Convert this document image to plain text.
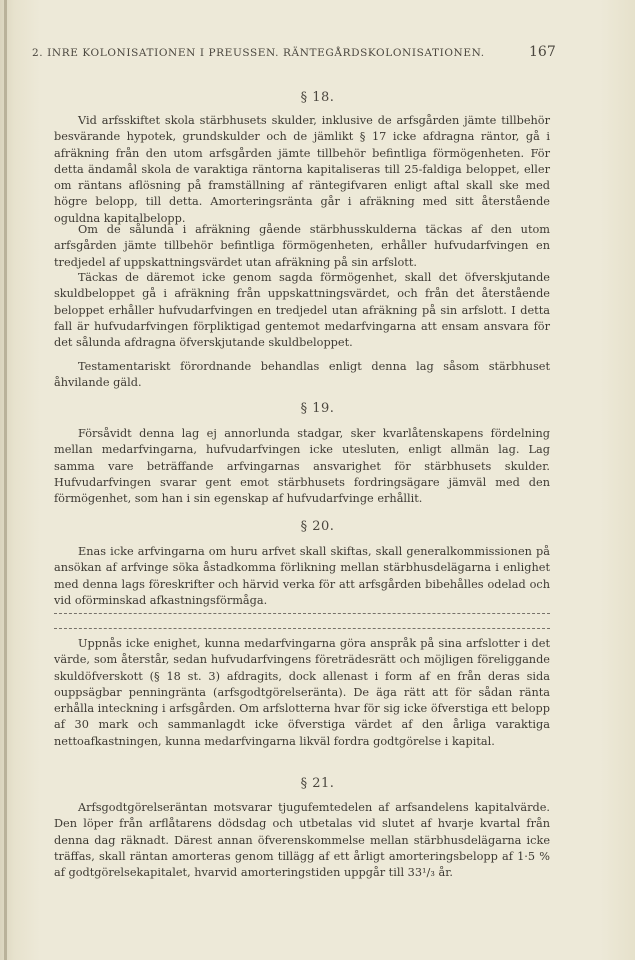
2. INRE KOLONISATIONEN I PREUSSEN. RÄNTEGÅRDSKOLONISATIONEN.	167
§ 18.

Vid arfsskiftet skola stärbhusets skulder, inklusive de arfsgården jämte tillbehör besvärande hypotek, grundskulder och de jämlikt § 17 icke afdragna räntor, gå i afräkning från den utom arfsgården jämte tillbehör befintliga förmögenheten. För detta ändamål skola de varaktiga räntorna kapitaliseras till 25-faldiga beloppet, eller om räntans aflösning på framställning af räntegifvaren enligt aftal skall ske med högre belopp, till detta. Amorteringsränta går i afräkning med sitt återstående oguldna kapitalbelopp.

Om de sålunda i afräkning gående stärbhusskulderna täckas af den utom arfsgården jämte tillbehör befintliga förmögenheten, erhåller hufvudarfvingen en tredjedel af uppskattningsvärdet utan afräkning på sin arfslott.

Täckas de däremot icke genom sagda förmögenhet, skall det öfverskjutande skuldbeloppet gå i afräkning från uppskattningsvärdet, och från det återstående beloppet erhåller hufvudarfvingen en tredjedel utan afräkning på sin arfslott. I detta fall är hufvudarfvingen förpliktigad gentemot medarfvingarna att ensam ansvara för det sålunda afdragna öfverskjutande skuldbeloppet.

Testamentariskt förordnande behandlas enligt denna lag såsom stärbhuset åhvilande gäld.

§ 19.

Försåvidt denna lag ej annorlunda stadgar, sker kvarlåtenskapens fördelning mellan medarfvingarna, hufvudarfvingen icke utesluten, enligt allmän lag. Lag samma vare beträffande arfvingarnas ansvarighet för stärbhusets skulder. Hufvudarfvingen svarar gent emot stärbhusets fordringsägare jämväl med den förmögenhet, som han i sin egenskap af hufvudarfvinge erhållit.

§ 20.

Enas icke arfvingarna om huru arfvet skall skiftas, skall generalkommissionen på ansökan af arfvinge söka åstadkomma förlikning mellan stärbhusdelägarna i enlighet med denna lags föreskrifter och härvid verka för att arfsgården bibehålles odelad och vid oförminskad afkastningsförmåga.

Uppnås icke enighet, kunna medarfvingarna göra anspråk på sina arfslotter i det värde, som återstår, sedan hufvudarfvingens företrädesrätt och möjligen föreliggande skuldöfverskott (§ 18 st. 3) afdragits, dock allenast i form af en från deras sida ouppsägbar penningränta (arfsgodtgörelseränta). De äga rätt att för sådan ränta erhålla inteckning i arfsgården. Om arfslotterna hvar för sig icke öfverstiga ett belopp af 30 mark och sammanlagdt icke öfverstiga värdet af den årliga varaktiga nettoafkastningen, kunna medarfvingarna likväl fordra godtgörelse i kapital.

§ 21.

Arfsgodtgörelseräntan motsvarar tjugufemtedelen af arfsandelens kapitalvärde. Den löper från arflåtarens dödsdag och utbetalas vid slutet af hvarje kvartal från denna dag räknadt. Därest annan öfverenskommelse mellan stärbhusdelägarna icke träffas, skall räntan amorteras genom tillägg af ett årligt amorteringsbelopp af 1·5 % af godtgörelsekapitalet, hvarvid amorteringstiden uppgår till 33¹/₃ år.
